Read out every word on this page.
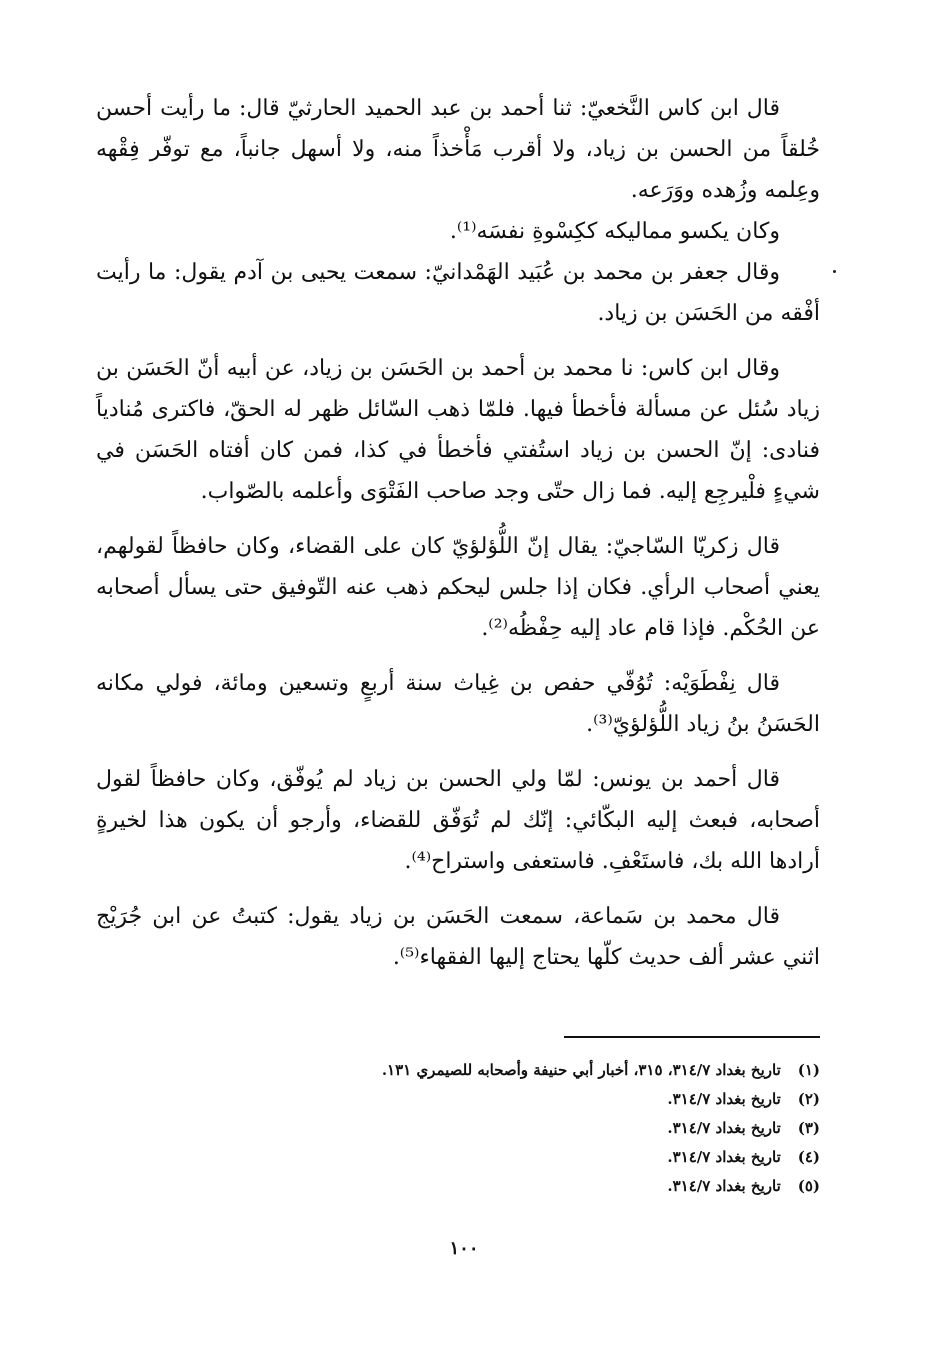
قال ابن كاس النَّخعيّ: ثنا أحمد بن عبد الحميد الحارثيّ قال: ما رأيت أحسن خُلقاً من الحسن بن زياد، ولا أقرب مَأْخذاً منه، ولا أسهل جانباً، مع توفّر فِقْهه وعِلمه وزُهده ووَرَعه.

وكان يكسو مماليكه ككِسْوةِ نفسَه⁽¹⁾.

وقال جعفر بن محمد بن عُبَيد الهَمْدانيّ: سمعت يحيى بن آدم يقول: ما رأيت أفْقه من الحَسَن بن زياد.

وقال ابن كاس: نا محمد بن أحمد بن الحَسَن بن زياد، عن أبيه أنّ الحَسَن بن زياد سُئل عن مسألة فأخطأ فيها. فلمّا ذهب السّائل ظهر له الحقّ، فاكترى مُنادياً فنادى: إنّ الحسن بن زياد استُفتي فأخطأ في كذا، فمن كان أفتاه الحَسَن في شيءٍ فلْيرجِع إليه. فما زال حتّى وجد صاحب الفَتْوَى وأعلمه بالصّواب.

قال زكريّا السّاجيّ: يقال إنّ اللُّؤلؤيّ كان على القضاء، وكان حافظاً لقولهم، يعني أصحاب الرأي. فكان إذا جلس ليحكم ذهب عنه التّوفيق حتى يسأل أصحابه عن الحُكْم. فإذا قام عاد إليه حِفْظُه⁽²⁾.

قال نِفْطَوَيْه: تُوُفّي حفص بن غِياث سنة أربعٍ وتسعين ومائة، فولي مكانه الحَسَنُ بنُ زياد اللُّؤلؤيّ⁽³⁾.

قال أحمد بن يونس: لمّا ولي الحسن بن زياد لم يُوفّق، وكان حافظاً لقول أصحابه، فبعث إليه البكّائي: إنّك لم تُوَفّق للقضاء، وأرجو أن يكون هذا لخيرةٍ أرادها الله بك، فاستَعْفِ. فاستعفى واستراح⁽⁴⁾.

قال محمد بن سَماعة، سمعت الحَسَن بن زياد يقول: كتبتُ عن ابن جُرَيْج اثني عشر ألف حديث كلّها يحتاج إليها الفقهاء⁽⁵⁾.

(١) تاريخ بغداد ٣١٤/٧، ٣١٥، أخبار أبي حنيفة وأصحابه للصيمري ١٣١.

(٢) تاريخ بغداد ٣١٤/٧.

(٣) تاريخ بغداد ٣١٤/٧.

(٤) تاريخ بغداد ٣١٤/٧.

(٥) تاريخ بغداد ٣١٤/٧.

١٠٠
